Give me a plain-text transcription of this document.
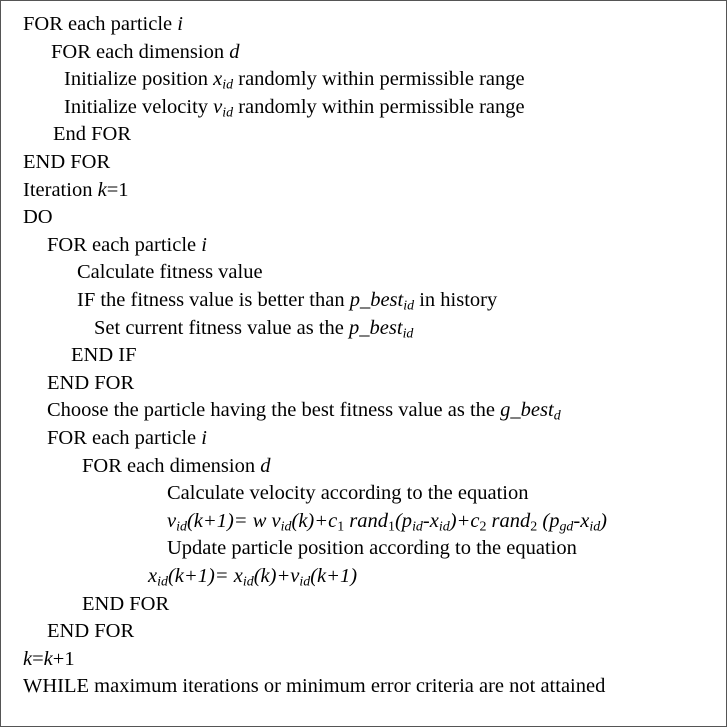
FOR each particle i
FOR each dimension d
Initialize position $x_{id}$ randomly within permissible range
Initialize velocity $v_{id}$ randomly within permissible range
End FOR
END FOR
Iteration k=1
DO
FOR each particle i
Calculate fitness value
IF the fitness value is better than p_best$_{id}$ in history
Set current fitness value as the p_best$_{id}$
END IF
END FOR
Choose the particle having the best fitness value as the g_best$_d$
FOR each particle i
FOR each dimension d
Calculate velocity according to the equation
$v_{id}(k+1)= w$ $v_{id}(k)+c_1$ $rand_1(p_{id}-x_{id})+c_2$ rand$_2$ $(p_{gd}-x_{id})$
Update particle position according to the equation
$x_{id}(k+1)= x_{id}(k)+v_{id}(k+1)$
END FOR
END FOR
k=k+1
WHILE maximum iterations or minimum error criteria are not attained
